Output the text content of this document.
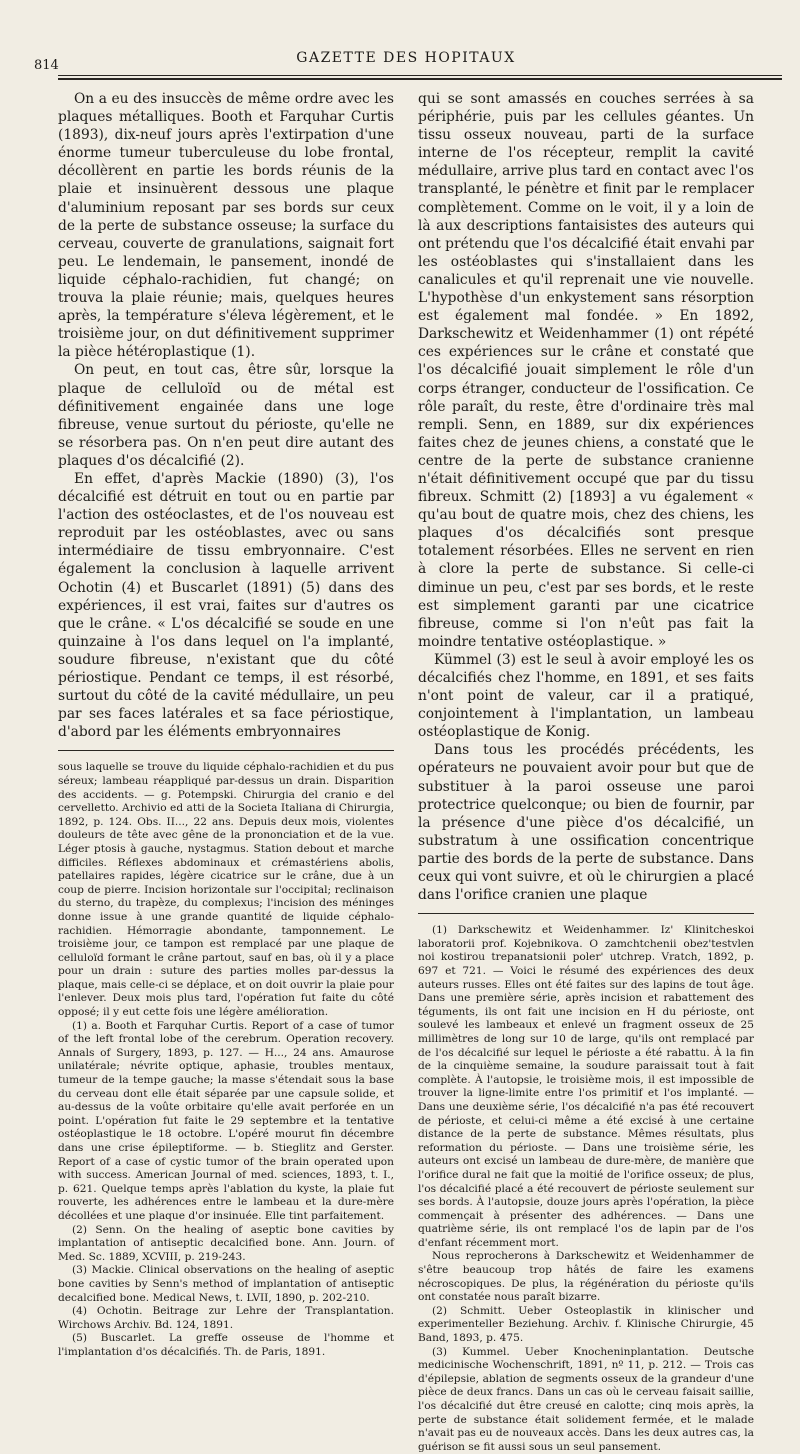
814	GAZETTE DES HOPITAUX

On a eu des insuccès de même ordre avec les plaques métalliques. Booth et Farquhar Curtis (1893), dix-neuf jours après l'extirpation d'une énorme tumeur tuberculeuse du lobe frontal, décollèrent en partie les bords réunis de la plaie et insinuèrent dessous une plaque d'aluminium reposant par ses bords sur ceux de la perte de substance osseuse; la surface du cerveau, couverte de granulations, saignait fort peu. Le lendemain, le pansement, inondé de liquide céphalo-rachidien, fut changé; on trouva la plaie réunie; mais, quelques heures après, la température s'éleva légèrement, et le troisième jour, on dut définitivement supprimer la pièce hétéroplastique (1).

On peut, en tout cas, être sûr, lorsque la plaque de celluloïd ou de métal est définitivement engainée dans une loge fibreuse, venue surtout du périoste, qu'elle ne se résorbera pas. On n'en peut dire autant des plaques d'os décalcifié (2).

En effet, d'après Mackie (1890) (3), l'os décalcifié est détruit en tout ou en partie par l'action des ostéoclastes, et de l'os nouveau est reproduit par les ostéoblastes, avec ou sans intermédiaire de tissu embryonnaire. C'est également la conclusion à laquelle arrivent Ochotin (4) et Buscarlet (1891) (5) dans des expériences, il est vrai, faites sur d'autres os que le crâne. « L'os décalcifié se soude en une quinzaine à l'os dans lequel on l'a implanté, soudure fibreuse, n'existant que du côté périostique. Pendant ce temps, il est résorbé, surtout du côté de la cavité médullaire, un peu par ses faces latérales et sa face périostique, d'abord par les éléments embryonnaires

sous laquelle se trouve du liquide céphalo-rachidien et du pus séreux; lambeau réappliqué par-dessus un drain. Disparition des accidents. — g. Potempski. Chirurgia del cranio e del cervelletto. Archivio ed atti de la Societa Italiana di Chirurgia, 1892, p. 124. Obs. II..., 22 ans. Depuis deux mois, violentes douleurs de tête avec gêne de la prononciation et de la vue. Léger ptosis à gauche, nystagmus. Station debout et marche difficiles. Réflexes abdominaux et crémastériens abolis, patellaires rapides, légère cicatrice sur le crâne, due à un coup de pierre. Incision horizontale sur l'occipital; reclinaison du sterno, du trapèze, du complexus; l'incision des méninges donne issue à une grande quantité de liquide céphalo-rachidien. Hémorragie abondante, tamponnement. Le troisième jour, ce tampon est remplacé par une plaque de celluloïd formant le crâne partout, sauf en bas, où il y a place pour un drain : suture des parties molles par-dessus la plaque, mais celle-ci se déplace, et on doit ouvrir la plaie pour l'enlever. Deux mois plus tard, l'opération fut faite du côté opposé; il y eut cette fois une légère amélioration.

(1) a. Booth et Farquhar Curtis. Report of a case of tumor of the left frontal lobe of the cerebrum. Operation recovery. Annals of Surgery, 1893, p. 127. — H..., 24 ans. Amaurose unilatérale; névrite optique, aphasie, troubles mentaux, tumeur de la tempe gauche; la masse s'étendait sous la base du cerveau dont elle était séparée par une capsule solide, et au-dessus de la voûte orbitaire qu'elle avait perforée en un point. L'opération fut faite le 29 septembre et la tentative ostéoplastique le 18 octobre. L'opéré mourut fin décembre dans une crise épileptiforme. — b. Stieglitz and Gerster. Report of a case of cystic tumor of the brain operated upon with success. American Journal of med. sciences, 1893, t. I., p. 621. Quelque temps après l'ablation du kyste, la plaie fut rouverte, les adhérences entre le lambeau et la dure-mère décollées et une plaque d'or insinuée. Elle tint parfaitement.

(2) Senn. On the healing of aseptic bone cavities by implantation of antiseptic decalcified bone. Ann. Journ. of Med. Sc. 1889, XCVIII, p. 219-243.

(3) Mackie. Clinical observations on the healing of aseptic bone cavities by Senn's method of implantation of antiseptic decalcified bone. Medical News, t. LVII, 1890, p. 202-210.

(4) Ochotin. Beitrage zur Lehre der Transplantation. Wirchows Archiv. Bd. 124, 1891.

(5) Buscarlet. La greffe osseuse de l'homme et l'implantation d'os décalcifiés. Th. de Paris, 1891.

qui se sont amassés en couches serrées à sa périphérie, puis par les cellules géantes. Un tissu osseux nouveau, parti de la surface interne de l'os récepteur, remplit la cavité médullaire, arrive plus tard en contact avec l'os transplanté, le pénètre et finit par le remplacer complètement. Comme on le voit, il y a loin de là aux descriptions fantaisistes des auteurs qui ont prétendu que l'os décalcifié était envahi par les ostéoblastes qui s'installaient dans les canalicules et qu'il reprenait une vie nouvelle. L'hypothèse d'un enkystement sans résorption est également mal fondée. » En 1892, Darkschewitz et Weidenhammer (1) ont répété ces expériences sur le crâne et constaté que l'os décalcifié jouait simplement le rôle d'un corps étranger, conducteur de l'ossification. Ce rôle paraît, du reste, être d'ordinaire très mal rempli. Senn, en 1889, sur dix expériences faites chez de jeunes chiens, a constaté que le centre de la perte de substance cranienne n'était définitivement occupé que par du tissu fibreux. Schmitt (2) [1893] a vu également « qu'au bout de quatre mois, chez des chiens, les plaques d'os décalcifiés sont presque totalement résorbées. Elles ne servent en rien à clore la perte de substance. Si celle-ci diminue un peu, c'est par ses bords, et le reste est simplement garanti par une cicatrice fibreuse, comme si l'on n'eût pas fait la moindre tentative ostéoplastique. »

Kümmel (3) est le seul à avoir employé les os décalcifiés chez l'homme, en 1891, et ses faits n'ont point de valeur, car il a pratiqué, conjointement à l'implantation, un lambeau ostéoplastique de Konig.

Dans tous les procédés précédents, les opérateurs ne pouvaient avoir pour but que de substituer à la paroi osseuse une paroi protectrice quelconque; ou bien de fournir, par la présence d'une pièce d'os décalcifié, un substratum à une ossification concentrique partie des bords de la perte de substance. Dans ceux qui vont suivre, et où le chirurgien a placé dans l'orifice cranien une plaque

(1) Darkschewitz et Weidenhammer. Iz' Klinitcheskoi laboratorii prof. Kojebnikova. O zamchtchenii obez'testvlen noi kostirou trepanatsionii poler' utchrep. Vratch, 1892, p. 697 et 721. — Voici le résumé des expériences des deux auteurs russes. Elles ont été faites sur des lapins de tout âge. Dans une première série, après incision et rabattement des téguments, ils ont fait une incision en H du périoste, ont soulevé les lambeaux et enlevé un fragment osseux de 25 millimètres de long sur 10 de large, qu'ils ont remplacé par de l'os décalcifié sur lequel le périoste a été rabattu. À la fin de la cinquième semaine, la soudure paraissait tout à fait complète. À l'autopsie, le troisième mois, il est impossible de trouver la ligne-limite entre l'os primitif et l'os implanté. — Dans une deuxième série, l'os décalcifié n'a pas été recouvert de périoste, et celui-ci même a été excisé à une certaine distance de la perte de substance. Mêmes résultats, plus reformation du périoste. — Dans une troisième série, les auteurs ont excisé un lambeau de dure-mère, de manière que l'orifice dural ne fait que la moitié de l'orifice osseux; de plus, l'os décalcifié placé a été recouvert de périoste seulement sur ses bords. À l'autopsie, douze jours après l'opération, la pièce commençait à présenter des adhérences. — Dans une quatrième série, ils ont remplacé l'os de lapin par de l'os d'enfant récemment mort.

Nous reprocherons à Darkschewitz et Weidenhammer de s'être beaucoup trop hâtés de faire les examens nécroscopiques. De plus, la régénération du périoste qu'ils ont constatée nous paraît bizarre.

(2) Schmitt. Ueber Osteoplastik in klinischer und experimenteller Beziehung. Archiv. f. Klinische Chirurgie, 45 Band, 1893, p. 475.

(3) Kummel. Ueber Knocheninplantation. Deutsche medicinische Wochenschrift, 1891, nº 11, p. 212. — Trois cas d'épilepsie, ablation de segments osseux de la grandeur d'une pièce de deux francs. Dans un cas où le cerveau faisait saillie, l'os décalcifié dut être creusé en calotte; cinq mois après, la perte de substance était solidement fermée, et le malade n'avait pas eu de nouveaux accès. Dans les deux autres cas, la guérison se fit aussi sous un seul pansement.
